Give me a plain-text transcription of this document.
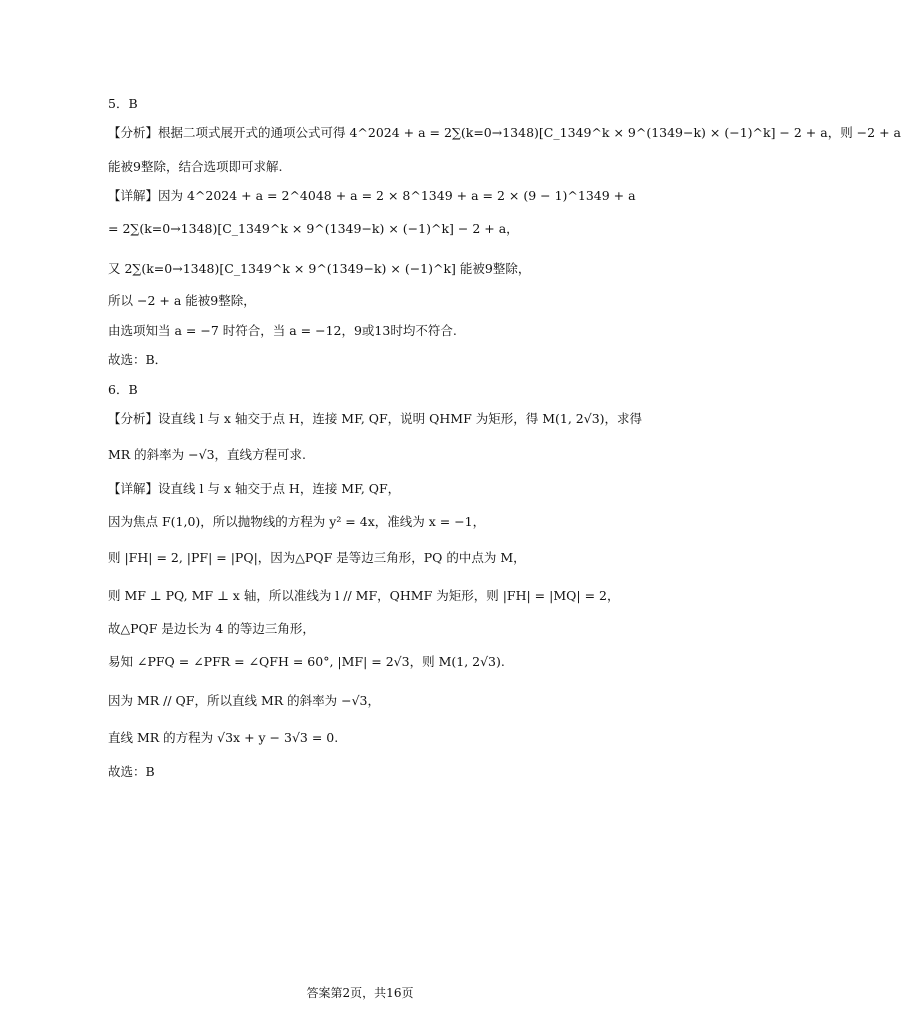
5．B
【分析】根据二项式展开式的通项公式可得 4^2024 + a = 2∑(k=0→1348)[C_1349^k × 9^(1349−k) × (−1)^k] − 2 + a，则 −2 + a
能被9整除，结合选项即可求解.
【详解】因为 4^2024 + a = 2^4048 + a = 2 × 8^1349 + a = 2 × (9 − 1)^1349 + a
= 2∑(k=0→1348)[C_1349^k × 9^(1349−k) × (−1)^k] − 2 + a，
又 2∑(k=0→1348)[C_1349^k × 9^(1349−k) × (−1)^k] 能被9整除，
所以 −2 + a 能被9整除，
由选项知当 a = −7 时符合，当 a = −12，9或13时均不符合.
故选：B．
6．B
【分析】设直线 l 与 x 轴交于点 H，连接 MF, QF，说明 QHMF 为矩形，得 M(1, 2√3)，求得
MR 的斜率为 −√3，直线方程可求.
【详解】设直线 l 与 x 轴交于点 H，连接 MF, QF，
因为焦点 F(1,0)，所以抛物线的方程为 y² = 4x，准线为 x = −1，
则 |FH| = 2, |PF| = |PQ|，因为△PQF 是等边三角形，PQ 的中点为 M，
则 MF ⊥ PQ, MF ⊥ x 轴，所以准线为 l // MF，QHMF 为矩形，则 |FH| = |MQ| = 2，
故△PQF 是边长为 4 的等边三角形，
易知 ∠PFQ = ∠PFR = ∠QFH = 60°, |MF| = 2√3，则 M(1, 2√3).
因为 MR // QF，所以直线 MR 的斜率为 −√3，
直线 MR 的方程为 √3x + y − 3√3 = 0.
故选：B
答案第2页，共16页
